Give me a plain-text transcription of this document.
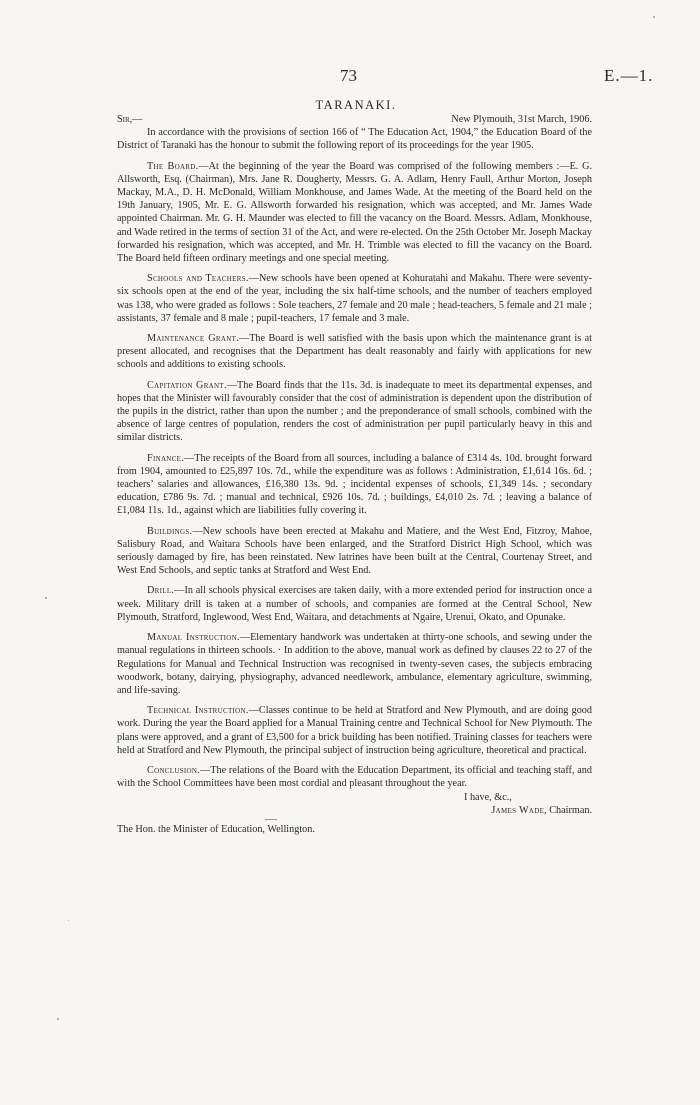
73	E.—1.
TARANAKI.
Sir,—	New Plymouth, 31st March, 1906.

In accordance with the provisions of section 166 of “ The Education Act, 1904,” the Education Board of the District of Taranaki has the honour to submit the following report of its proceedings for the year 1905.

The Board.—At the beginning of the year the Board was comprised of the following members :—E. G. Allsworth, Esq. (Chairman), Mrs. Jane R. Dougherty, Messrs. G. A. Adlam, Henry Faull, Arthur Morton, Joseph Mackay, M.A., D. H. McDonald, William Monkhouse, and James Wade. At the meeting of the Board held on the 19th January, 1905, Mr. E. G. Allsworth forwarded his resignation, which was accepted, and Mr. James Wade appointed Chairman. Mr. G. H. Maunder was elected to fill the vacancy on the Board. Messrs. Adlam, Monkhouse, and Wade retired in the terms of section 31 of the Act, and were re-elected. On the 25th October Mr. Joseph Mackay forwarded his resignation, which was accepted, and Mr. H. Trimble was elected to fill the vacancy on the Board. The Board held fifteen ordinary meetings and one special meeting.

Schools and Teachers.—New schools have been opened at Kohuratahi and Makahu. There were seventy-six schools open at the end of the year, including the six half-time schools, and the number of teachers employed was 138, who were graded as follows : Sole teachers, 27 female and 20 male ; head-teachers, 5 female and 21 male ; assistants, 37 female and 8 male ; pupil-teachers, 17 female and 3 male.

Maintenance Grant.—The Board is well satisfied with the basis upon which the maintenance grant is at present allocated, and recognises that the Department has dealt reasonably and fairly with applications for new schools and additions to existing schools.

Capitation Grant.—The Board finds that the 11s. 3d. is inadequate to meet its departmental expenses, and hopes that the Minister will favourably consider that the cost of administration is dependent upon the distribution of the pupils in the district, rather than upon the number ; and the preponderance of small schools, combined with the absence of large centres of population, renders the cost of administration per pupil particularly heavy in this and similar districts.

Finance.—The receipts of the Board from all sources, including a balance of £314 4s. 10d. brought forward from 1904, amounted to £25,897 10s. 7d., while the expenditure was as follows : Administration, £1,614 16s. 6d. ; teachers’ salaries and allowances, £16,380 13s. 9d. ; incidental expenses of schools, £1,349 14s. ; secondary education, £786 9s. 7d. ; manual and technical, £926 10s. 7d. ; buildings, £4,010 2s. 7d. ; leaving a balance of £1,084 11s. 1d., against which are liabilities fully covering it.

Buildings.—New schools have been erected at Makahu and Matiere, and the West End, Fitzroy, Mahoe, Salisbury Road, and Waitara Schools have been enlarged, and the Stratford District High School, which was seriously damaged by fire, has been reinstated. New latrines have been built at the Central, Courtenay Street, and West End Schools, and septic tanks at Stratford and West End.

Drill.—In all schools physical exercises are taken daily, with a more extended period for instruction once a week. Military drill is taken at a number of schools, and companies are formed at the Central School, New Plymouth, Stratford, Inglewood, West End, Waitara, and detachments at Ngaire, Urenui, Okato, and Opunake.

Manual Instruction.—Elementary handwork was undertaken at thirty-one schools, and sewing under the manual regulations in thirteen schools. · In addition to the above, manual work as defined by clauses 22 to 27 of the Regulations for Manual and Technical Instruction was recognised in twenty-seven cases, the subjects embracing woodwork, botany, dairying, physiography, advanced needlework, ambulance, elementary agriculture, swimming, and life-saving.

Technical Instruction.—Classes continue to be held at Stratford and New Plymouth, and are doing good work. During the year the Board applied for a Manual Training centre and Technical School for New Plymouth. The plans were approved, and a grant of £3,500 for a brick building has been notified. Training classes for teachers were held at Stratford and New Plymouth, the principal subject of instruction being agriculture, theoretical and practical.

Conclusion.—The relations of the Board with the Education Department, its official and teaching staff, and with the School Committees have been most cordial and pleasant throughout the year.

I have, &c.,
James Wade, Chairman.
The Hon. the Minister of Education, Wellington.
